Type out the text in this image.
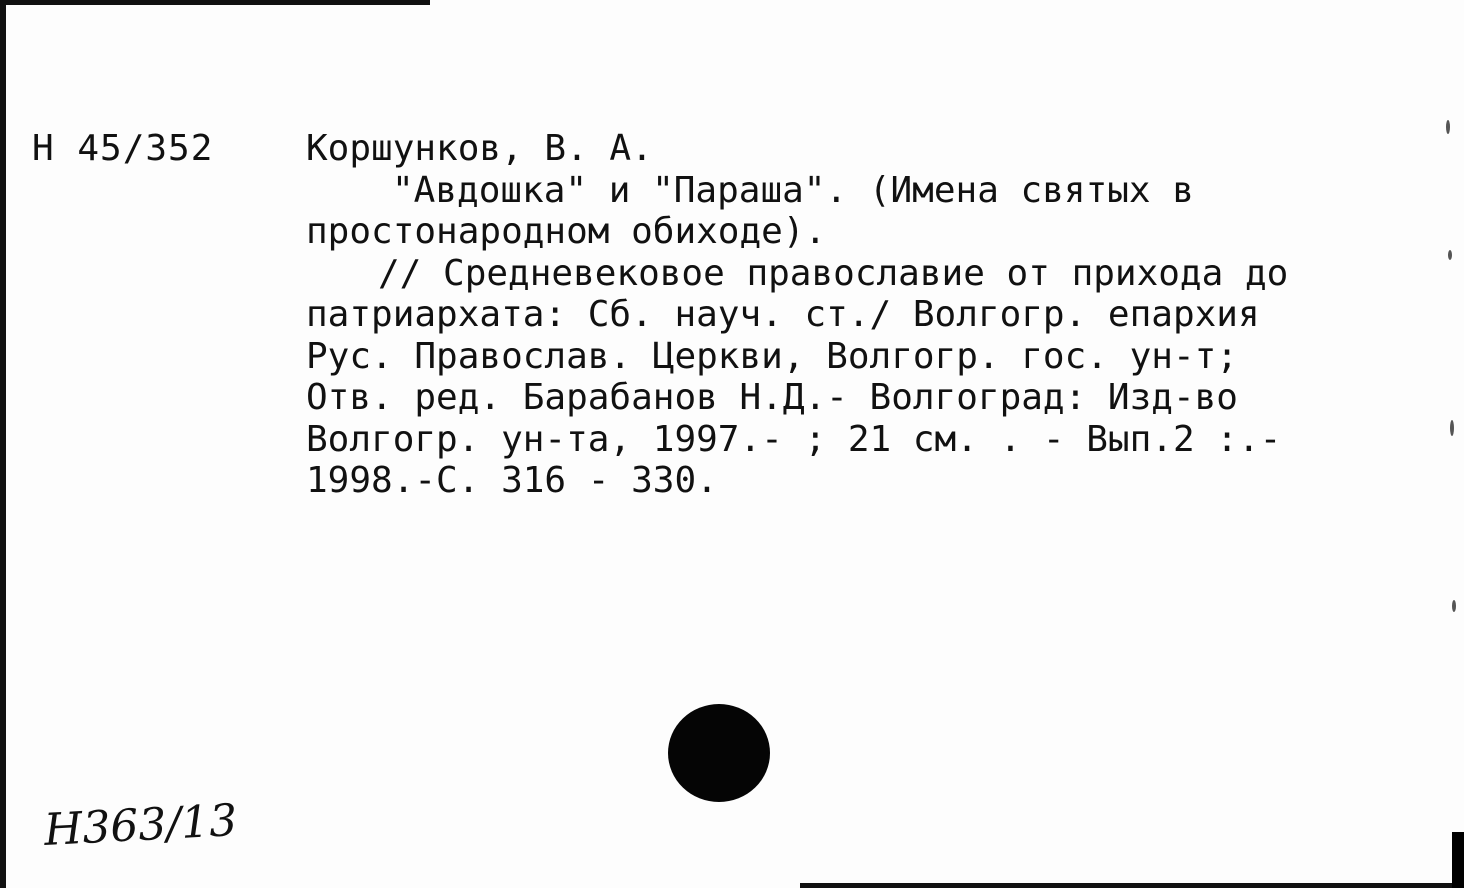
Н 45/352	Коршунков, В. А.
"Авдошка" и "Параша". (Имена святых в
простонародном обиходе).
// Средневековое православие от прихода до
патриархата: Сб. науч. ст./ Волгогр. епархия
Рус. Православ. Церкви, Волгогр. гос. ун-т;
Отв. ред. Барабанов Н.Д.- Волгоград: Изд-во
Волгогр. ун-та, 1997.- ; 21 см. . - Вып.2 :.-
1998.-С. 316 - 330.
Н363/13
